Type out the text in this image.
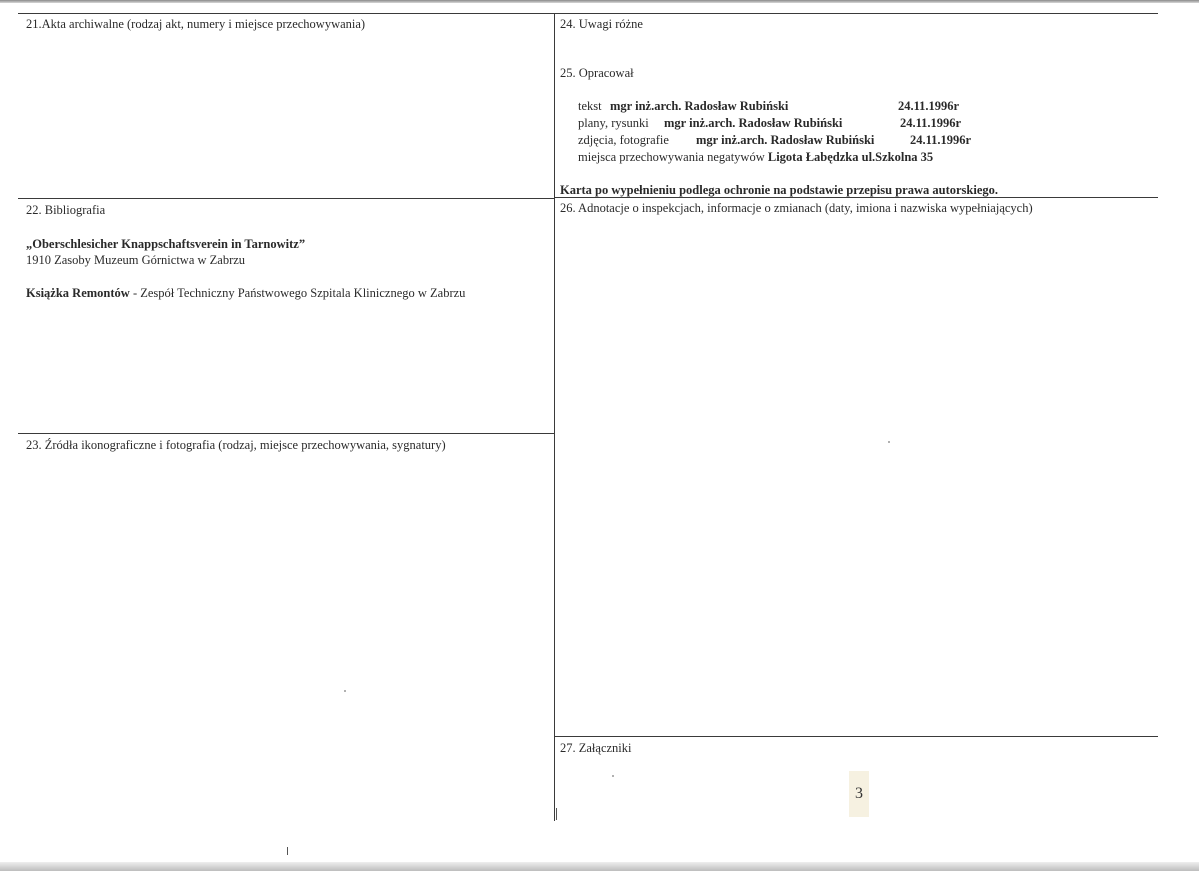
21.Akta archiwalne (rodzaj akt, numery i miejsce przechowywania)

22. Bibliografia

„Oberschlesicher Knappschaftsverein in Tarnowitz”

1910 Zasoby Muzeum Górnictwa w Zabrzu

Książka Remontów - Zespół Techniczny Państwowego Szpitala Klinicznego w Zabrzu

23. Źródła ikonograficzne i fotografia (rodzaj, miejsce przechowywania, sygnatury)

24. Uwagi różne

25. Opracował

tekst mgr inż.arch. Radosław Rubiński	24.11.1996r

plany, rysunki mgr inż.arch. Radosław Rubiński	24.11.1996r

zdjęcia, fotografie mgr inż.arch. Radosław Rubiński	24.11.1996r

miejsca przechowywania negatywów Ligota Łabędzka ul.Szkolna 35

Karta po wypełnieniu podlega ochronie na podstawie przepisu prawa autorskiego.

26. Adnotacje o inspekcjach, informacje o zmianach (daty, imiona i nazwiska wypełniających)

27. Załączniki

3
